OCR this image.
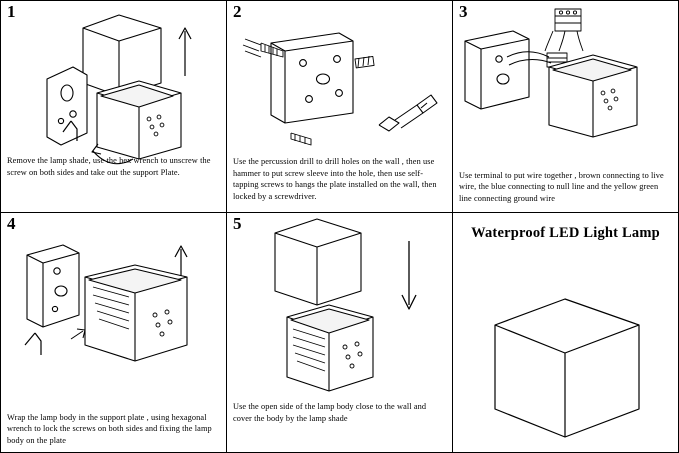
1
Remove the lamp shade, use the hex wrench to unscrew the screw on both sides and take out the support Plate.
2
Use the percussion drill to drill holes on the wall , then use hammer to put screw sleeve into the hole, then use self-tapping screws to hangs the plate installed on the wall, then locked by a screwdriver.
3
Use terminal to put wire together , brown connecting to live wire, the blue connecting to null line and the yellow green line connecting ground wire
4
Wrap the lamp body in the support plate , using hexagonal wrench to lock the screws on both sides and fixing the lamp body on the plate
5
Use the open side of the lamp body close to the wall and cover the body by the lamp shade
Waterproof LED Light Lamp
